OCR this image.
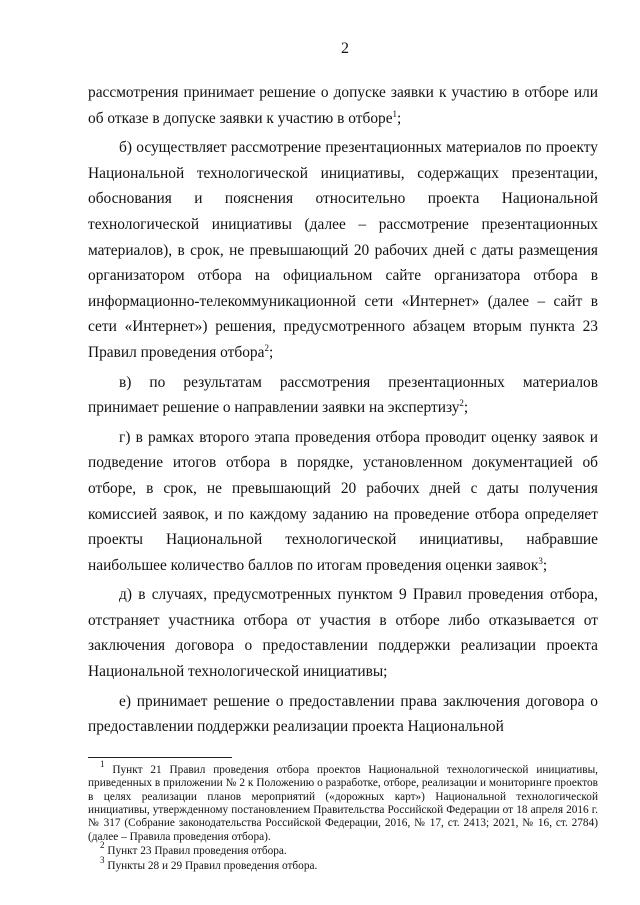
2

рассмотрения принимает решение о допуске заявки к участию в отборе или об отказе в допуске заявки к участию в отборе$^1$;

б) осуществляет рассмотрение презентационных материалов по проекту Национальной технологической инициативы, содержащих презентации, обоснования и пояснения относительно проекта Национальной технологической инициативы (далее – рассмотрение презентационных материалов), в срок, не превышающий 20 рабочих дней с даты размещения организатором отбора на официальном сайте организатора отбора в информационно-телекоммуникационной сети «Интернет» (далее – сайт в сети «Интернет») решения, предусмотренного абзацем вторым пункта 23 Правил проведения отбора$^2$;

в) по результатам рассмотрения презентационных материалов принимает решение о направлении заявки на экспертизу$^2$;

г) в рамках второго этапа проведения отбора проводит оценку заявок и подведение итогов отбора в порядке, установленном документацией об отборе, в срок, не превышающий 20 рабочих дней с даты получения комиссией заявок, и по каждому заданию на проведение отбора определяет проекты Национальной технологической инициативы, набравшие наибольшее количество баллов по итогам проведения оценки заявок$^3$;

д) в случаях, предусмотренных пунктом 9 Правил проведения отбора, отстраняет участника отбора от участия в отборе либо отказывается от заключения договора о предоставлении поддержки реализации проекта Национальной технологической инициативы;

е) принимает решение о предоставлении права заключения договора о предоставлении поддержки реализации проекта Национальной

$^1$ Пункт 21 Правил проведения отбора проектов Национальной технологической инициативы, приведенных в приложении № 2 к Положению о разработке, отборе, реализации и мониторинге проектов в целях реализации планов мероприятий («дорожных карт») Национальной технологической инициативы, утвержденному постановлением Правительства Российской Федерации от 18 апреля 2016 г. № 317 (Собрание законодательства Российской Федерации, 2016, № 17, ст. 2413; 2021, № 16, ст. 2784) (далее – Правила проведения отбора).

$^2$ Пункт 23 Правил проведения отбора.

$^3$ Пункты 28 и 29 Правил проведения отбора.
